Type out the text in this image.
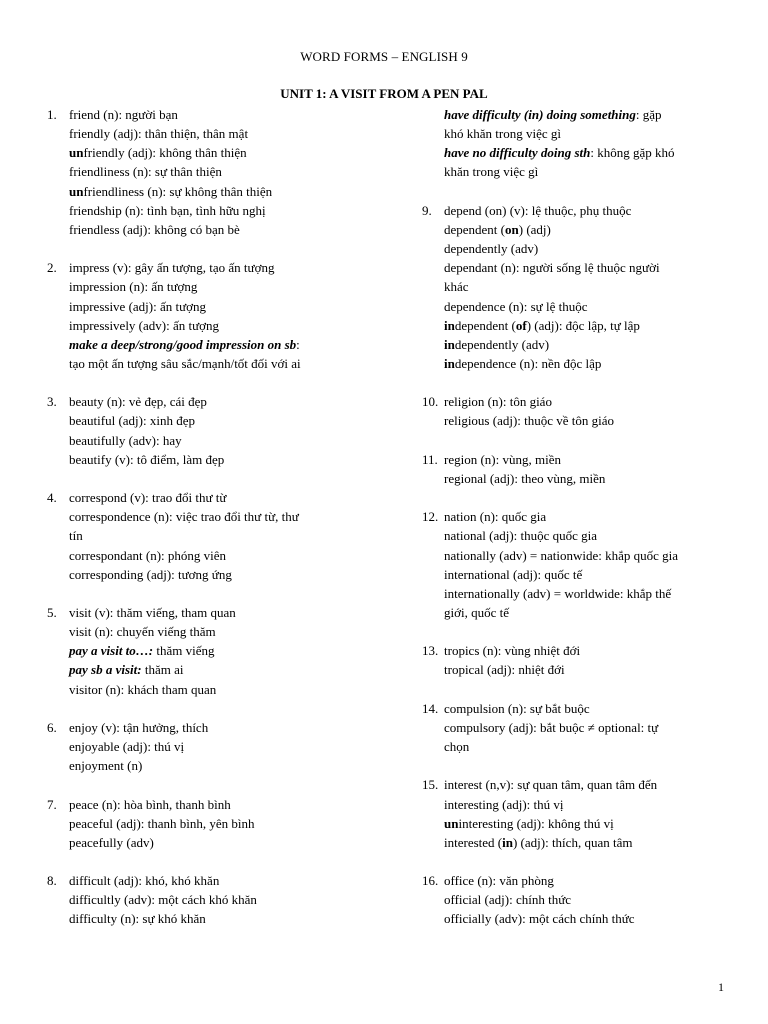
WORD FORMS – ENGLISH 9
UNIT 1: A VISIT FROM A PEN PAL
1. friend (n): người bạn
friendly (adj): thân thiện, thân mật
unfriendly (adj): không thân thiện
friendliness (n): sự thân thiện
unfriendliness (n): sự không thân thiện
friendship (n): tình bạn, tình hữu nghị
friendless (adj): không có bạn bè
2. impress (v): gây ấn tượng, tạo ấn tượng
impression (n): ấn tượng
impressive (adj): ấn tượng
impressively (adv): ấn tượng
make a deep/strong/good impression on sb:
tạo một ấn tượng sâu sắc/mạnh/tốt đối với ai
3. beauty (n): vẻ đẹp, cái đẹp
beautiful (adj): xinh đẹp
beautifully (adv): hay
beautify (v): tô điểm, làm đẹp
4. correspond (v): trao đổi thư từ
correspondence (n): việc trao đổi thư từ, thư
tín
correspondant (n): phóng viên
corresponding (adj): tương ứng
5. visit (v): thăm viếng, tham quan
visit (n): chuyến viếng thăm
pay a visit to…: thăm viếng
pay sb a visit: thăm ai
visitor (n): khách tham quan
6. enjoy (v): tận hưởng, thích
enjoyable (adj): thú vị
enjoyment (n)
7. peace (n): hòa bình, thanh bình
peaceful (adj): thanh bình, yên bình
peacefully (adv)
8. difficult (adj): khó, khó khăn
difficultly (adv): một cách khó khăn
difficulty (n): sự khó khăn
have difficulty (in) doing something: gặp
khó khăn trong việc gì
have no difficulty doing sth: không gặp khó
khăn trong việc gì
9. depend (on) (v): lệ thuộc, phụ thuộc
dependent (on) (adj)
dependently (adv)
dependant (n): người sống lệ thuộc người
khác
dependence (n): sự lệ thuộc
independent (of) (adj): độc lập, tự lập
independently (adv)
independence (n): nền độc lập
10. religion (n): tôn giáo
religious (adj): thuộc về tôn giáo
11. region (n): vùng, miền
regional (adj): theo vùng, miền
12. nation (n): quốc gia
national (adj): thuộc quốc gia
nationally (adv) = nationwide: khắp quốc gia
international (adj): quốc tế
internationally (adv) = worldwide: khắp thế
giới, quốc tế
13. tropics (n): vùng nhiệt đới
tropical (adj): nhiệt đới
14. compulsion (n): sự bắt buộc
compulsory (adj): bắt buộc ≠ optional: tự
chọn
15. interest (n,v): sự quan tâm, quan tâm đến
interesting (adj): thú vị
uninteresting (adj): không thú vị
interested (in) (adj): thích, quan tâm
16. office (n): văn phòng
official (adj): chính thức
officially (adv): một cách chính thức
1
